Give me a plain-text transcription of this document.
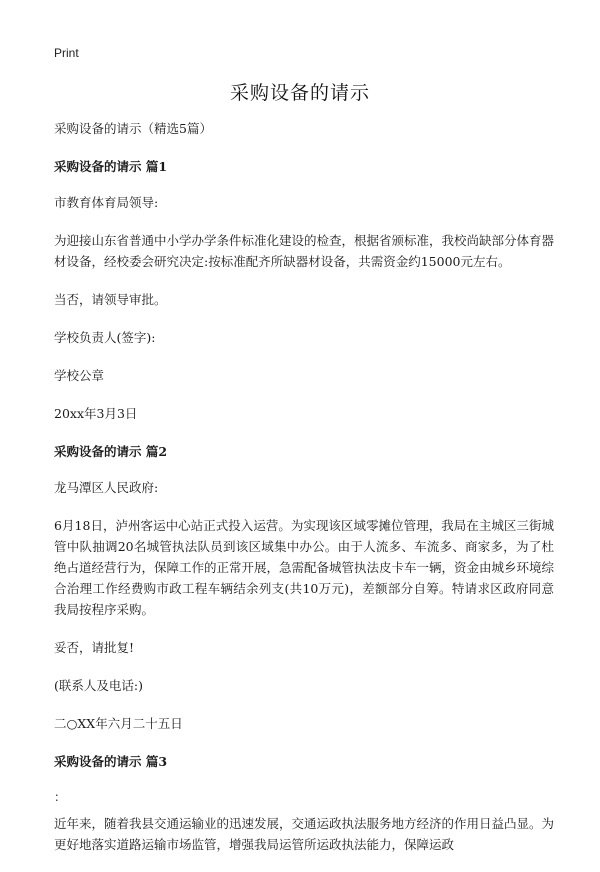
Print
采购设备的请示

采购设备的请示（精选5篇）

采购设备的请示 篇1

市教育体育局领导:

为迎接山东省普通中小学办学条件标准化建设的检查，根据省颁标准，我校尚缺部分体育器材设备，经校委会研究决定:按标准配齐所缺器材设备，共需资金约15000元左右。

当否，请领导审批。

学校负责人(签字):

学校公章

20xx年3月3日

采购设备的请示 篇2

龙马潭区人民政府:

6月18日，泸州客运中心站正式投入运营。为实现该区域零摊位管理，我局在主城区三街城管中队抽调20名城管执法队员到该区域集中办公。由于人流多、车流多、商家多，为了杜绝占道经营行为，保障工作的正常开展，急需配备城管执法皮卡车一辆，资金由城乡环境综合治理工作经费购市政工程车辆结余列支(共10万元)，差额部分自筹。特请求区政府同意我局按程序采购。

妥否，请批复!

(联系人及电话:)

二○XX年六月二十五日

采购设备的请示 篇3
：

近年来，随着我县交通运输业的迅速发展，交通运政执法服务地方经济的作用日益凸显。为更好地落实道路运输市场监管，增强我局运管所运政执法能力，保障运政
